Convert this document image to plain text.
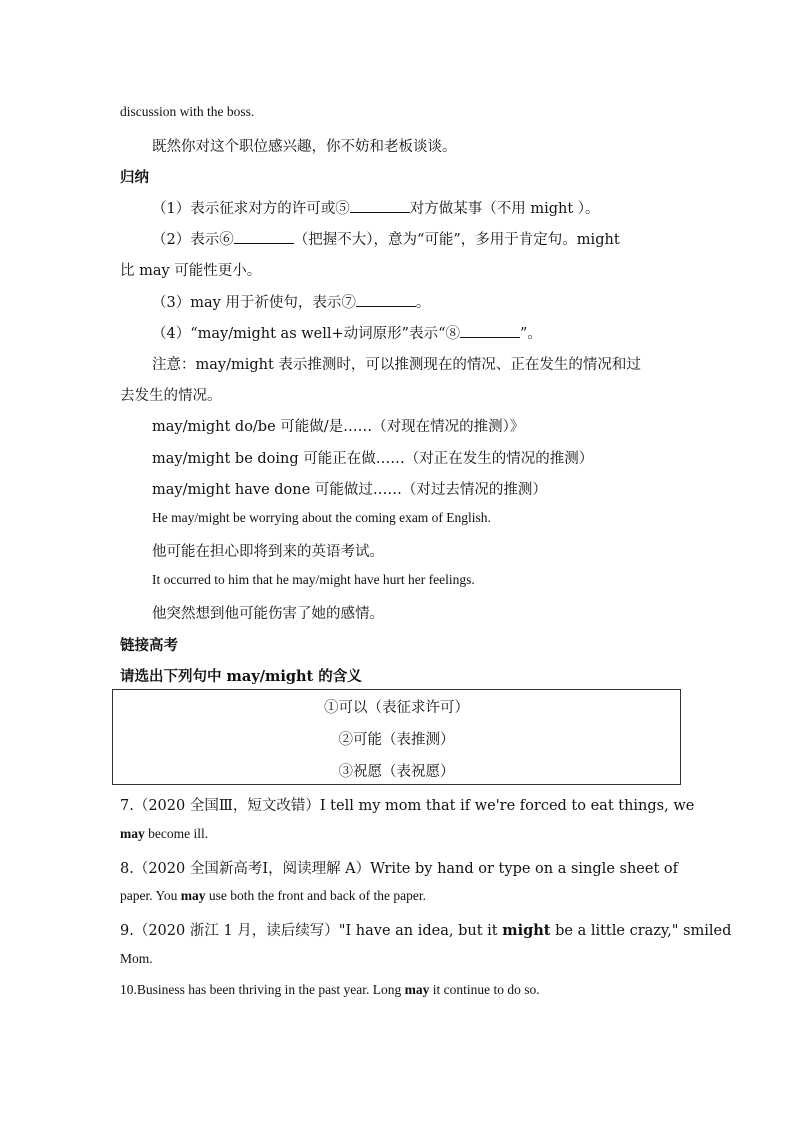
discussion with the boss.
既然你对这个职位感兴趣，你不妨和老板谈谈。
归纳
（1）表示征求对方的许可或⑤	对方做某事（不用 might ）。
（2）表示⑥	（把握不大），意为“可能”，多用于肯定句。might
比 may 可能性更小。
（3）may 用于祈使句，表示⑦	。
（4）“may/might as well+动词原形”表示“⑧	”。
注意：may/might 表示推测时，可以推测现在的情况、正在发生的情况和过
去发生的情况。
may/might do/be 可能做/是……（对现在情况的推测）》
may/might be doing 可能正在做……（对正在发生的情况的推测）
may/might have done 可能做过……（对过去情况的推测）
He may/might be worrying about the coming exam of English.
他可能在担心即将到来的英语考试。
It occurred to him that he may/might have hurt her feelings.
他突然想到他可能伤害了她的感情。
链接高考
请选出下列句中 may/might 的含义
①可以（表征求许可）
②可能（表推测）
③祝愿（表祝愿）
7.（2020 全国Ⅲ，短文改错）I tell my mom that if we're forced to eat things, we
may become ill.
8.（2020 全国新高考Ⅰ，阅读理解 A）Write by hand or type on a single sheet of
paper. You may use both the front and back of the paper.
9.（2020 浙江 1 月，读后续写）"I have an idea, but it might be a little crazy," smiled
Mom.
10.Business has been thriving in the past year. Long may it continue to do so.
